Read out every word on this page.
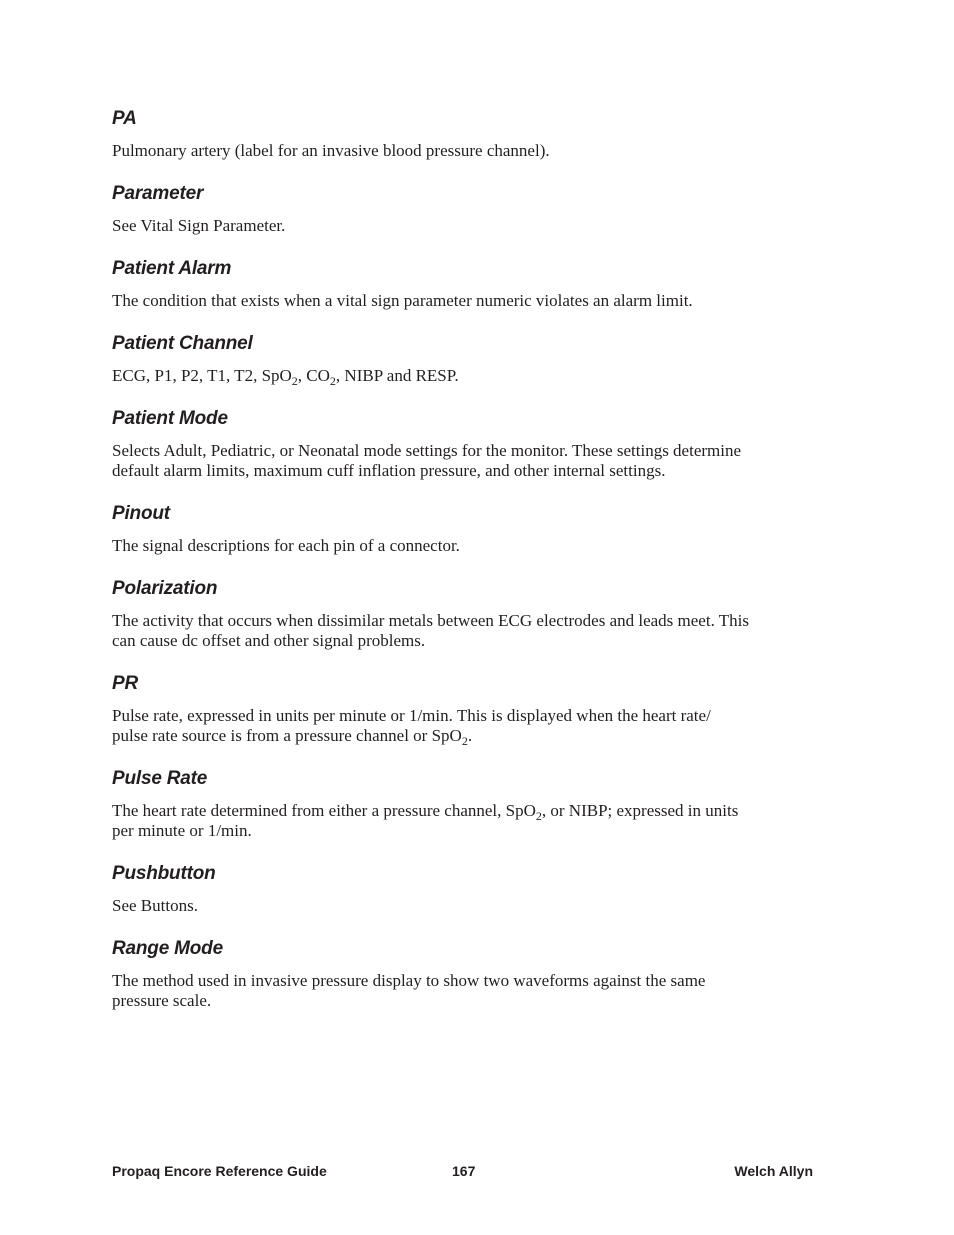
PA
Pulmonary artery (label for an invasive blood pressure channel).
Parameter
See Vital Sign Parameter.
Patient Alarm
The condition that exists when a vital sign parameter numeric violates an alarm limit.
Patient Channel
ECG, P1, P2, T1, T2, SpO$_2$, $CO_2$, NIBP and RESP.
Patient Mode
Selects Adult, Pediatric, or Neonatal mode settings for the monitor. These settings determine
default alarm limits, maximum cuff inflation pressure, and other internal settings.
Pinout
The signal descriptions for each pin of a connector.
Polarization
The activity that occurs when dissimilar metals between ECG electrodes and leads meet. This
can cause dc offset and other signal problems.
PR
Pulse rate, expressed in units per minute or 1/min. This is displayed when the heart rate/
pulse rate source is from a pressure channel or SpO$_2$.
Pulse Rate
The heart rate determined from either a pressure channel, SpO$_2$, or NIBP; expressed in units
per minute or 1/min.
Pushbutton
See Buttons.
Range Mode
The method used in invasive pressure display to show two waveforms against the same
pressure scale.
Propaq Encore Reference Guide	167	Welch Allyn
